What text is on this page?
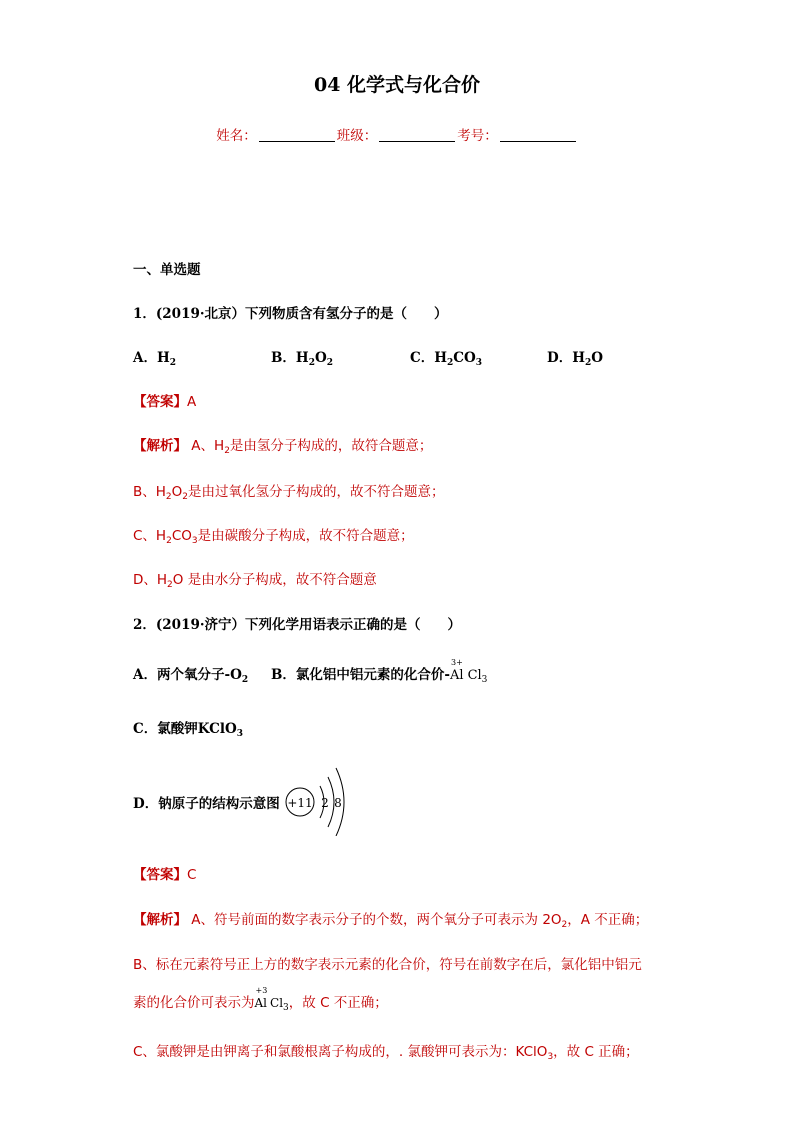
04 化学式与化合价
姓名：	班级：	考号：
一、单选题
1．(2019·北京）下列物质含有氢分子的是（　　）
A．$H_2$	B．$H_2O_2$	C．$H_2CO_3$	D．$H_2O$
【答案】A
【解析】 A、$H_2$是由氢分子构成的，故符合题意；
B、$H_2O_2$是由过氧化氢分子构成的，故不符合题意；
C、$H_2CO_3$是由碳酸分子构成，故不符合题意；
D、$H_2O$ 是由水分子构成，故不符合题意
2．(2019·济宁）下列化学用语表示正确的是（　　）
A．两个氧分子$-O_2$ B．氯化铝中铝元素的化合价-
3+
Al $Cl_3$
C．氯酸钾KClO$_3$
D．钠原子的结构示意图 +11 2 8
【答案】C
【解析】 A、符号前面的数字表示分子的个数，两个氧分子可表示为 $2O_2$，A 不正确；
B、标在元素符号正上方的数字表示元素的化合价，符号在前数字在后，氯化铝中铝元
素的化合价可表示为
+3
Al $Cl_3$，故 C 不正确；
C、氯酸钾是由钾离子和氯酸根离子构成的，. 氯酸钾可表示为：KClO$_3$，故 C 正确；
